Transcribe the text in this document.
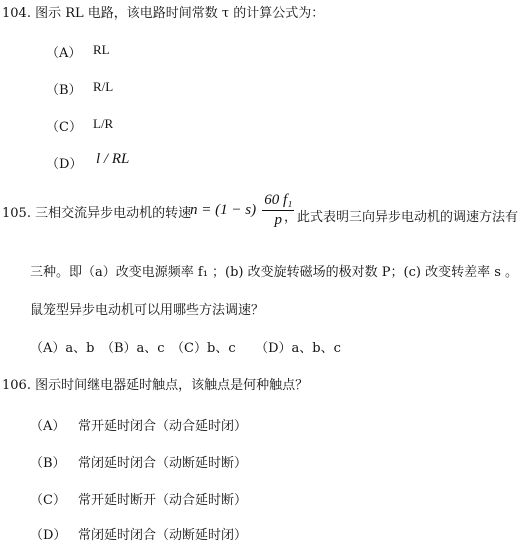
104. 图示 RL 电路，该电路时间常数 τ 的计算公式为：
（A） RL
（B） R/L
（C） L/R
（D） l / RL
105. 三相交流异步电动机的转速
$n = (1 - s) \frac{\text{60 f₁}}{p}$
，此式表明三向异步电动机的调速方法有
三种。即（a）改变电源频率 f₁ ；(b) 改变旋转磁场的极对数 P；(c) 改变转差率 s 。
鼠笼型异步电动机可以用哪些方法调速？
（A）a、b　（B）a、c　（C）b、c　　（D）a、b、c
106. 图示时间继电器延时触点，该触点是何种触点？
（A） 常开延时闭合（动合延时闭）
（B） 常闭延时闭合（动断延时断）
（C） 常开延时断开（动合延时断）
（D） 常闭延时闭合（动断延时闭）
